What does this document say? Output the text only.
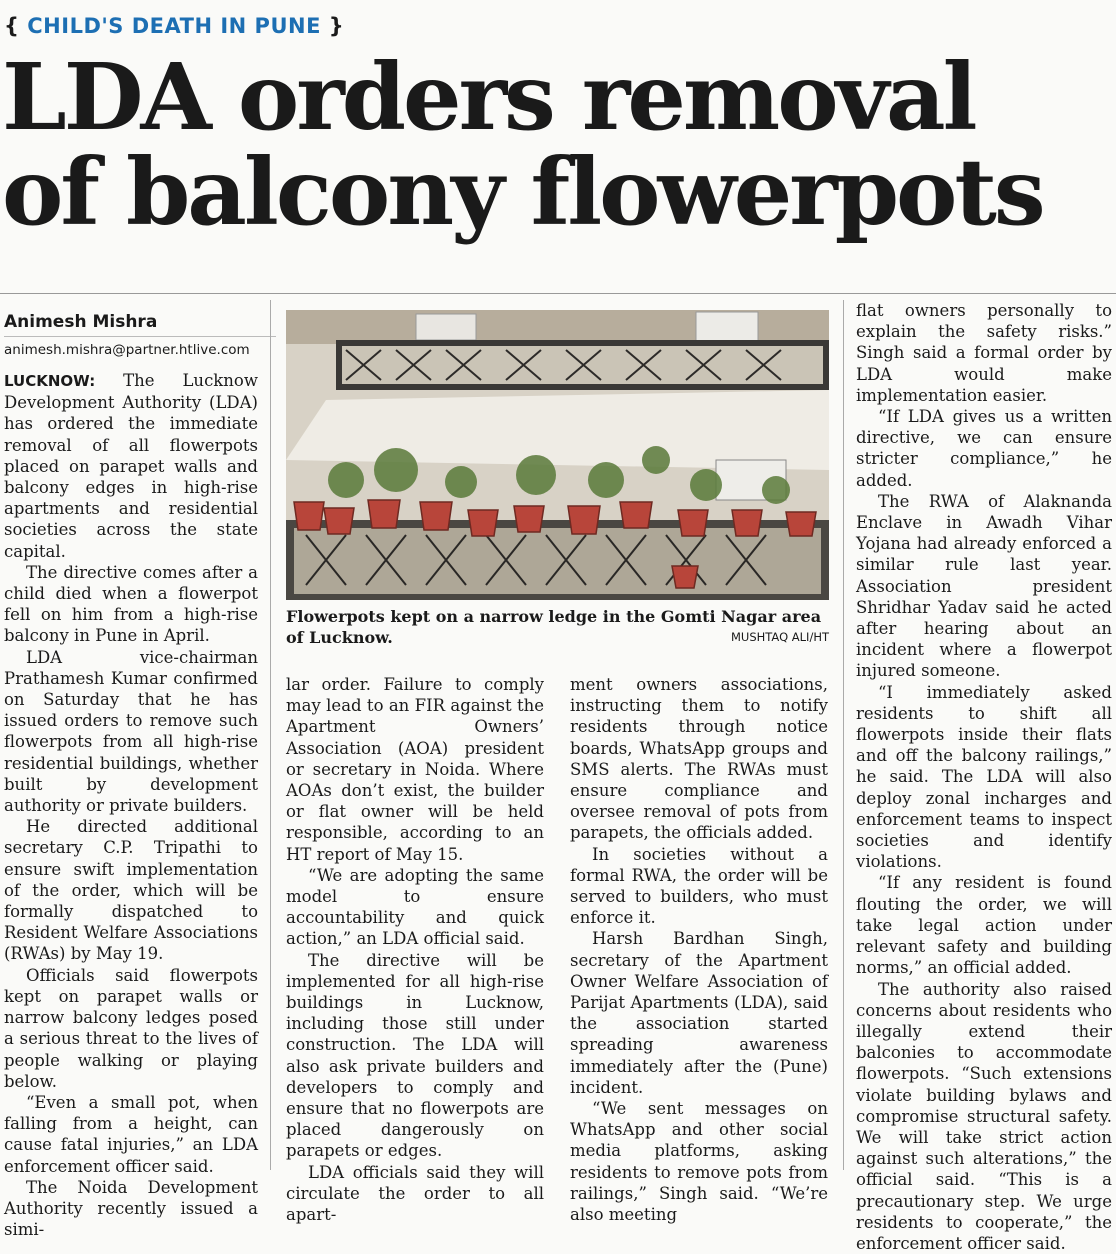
{ CHILD'S DEATH IN PUNE }
LDA orders removal
of balcony flowerpots
Animesh Mishra
animesh.mishra@partner.htlive.com

LUCKNOW: The Lucknow Development Authority (LDA) has ordered the immediate removal of all flowerpots placed on parapet walls and balcony edges in high-rise apartments and residential societies across the state capital.

The directive comes after a child died when a flowerpot fell on him from a high-rise balcony in Pune in April.

LDA vice-chairman Prathamesh Kumar confirmed on Saturday that he has issued orders to remove such flowerpots from all high-rise residential buildings, whether built by development authority or private builders.

He directed additional secretary C.P. Tripathi to ensure swift implementation of the order, which will be formally dispatched to Resident Welfare Associations (RWAs) by May 19.

Officials said flowerpots kept on parapet walls or narrow balcony ledges posed a serious threat to the lives of people walking or playing below.

“Even a small pot, when falling from a height, can cause fatal injuries,” an LDA enforcement officer said.

The Noida Development Authority recently issued a simi-

Flowerpots kept on a narrow ledge in the Gomti Nagar area of Lucknow.	MUSHTAQ ALI/HT

lar order. Failure to comply may lead to an FIR against the Apartment Owners’ Association (AOA) president or secretary in Noida. Where AOAs don’t exist, the builder or flat owner will be held responsible, according to an HT report of May 15.

“We are adopting the same model to ensure accountability and quick action,” an LDA official said.

The directive will be implemented for all high-rise buildings in Lucknow, including those still under construction. The LDA will also ask private builders and developers to comply and ensure that no flowerpots are placed dangerously on parapets or edges.

LDA officials said they will circulate the order to all apart-

ment owners associations, instructing them to notify residents through notice boards, WhatsApp groups and SMS alerts. The RWAs must ensure compliance and oversee removal of pots from parapets, the officials added.

In societies without a formal RWA, the order will be served to builders, who must enforce it.

Harsh Bardhan Singh, secretary of the Apartment Owner Welfare Association of Parijat Apartments (LDA), said the association started spreading awareness immediately after the (Pune) incident.

“We sent messages on WhatsApp and other social media platforms, asking residents to remove pots from railings,” Singh said. “We’re also meeting

flat owners personally to explain the safety risks.” Singh said a formal order by LDA would make implementation easier.

“If LDA gives us a written directive, we can ensure stricter compliance,” he added.

The RWA of Alaknanda Enclave in Awadh Vihar Yojana had already enforced a similar rule last year. Association president Shridhar Yadav said he acted after hearing about an incident where a flowerpot injured someone.

“I immediately asked residents to shift all flowerpots inside their flats and off the balcony railings,” he said. The LDA will also deploy zonal incharges and enforcement teams to inspect societies and identify violations.

“If any resident is found flouting the order, we will take legal action under relevant safety and building norms,” an official added.

The authority also raised concerns about residents who illegally extend their balconies to accommodate flowerpots. “Such extensions violate building bylaws and compromise structural safety. We will take strict action against such alterations,” the official said. “This is a precautionary step. We urge residents to cooperate,” the enforcement officer said.
